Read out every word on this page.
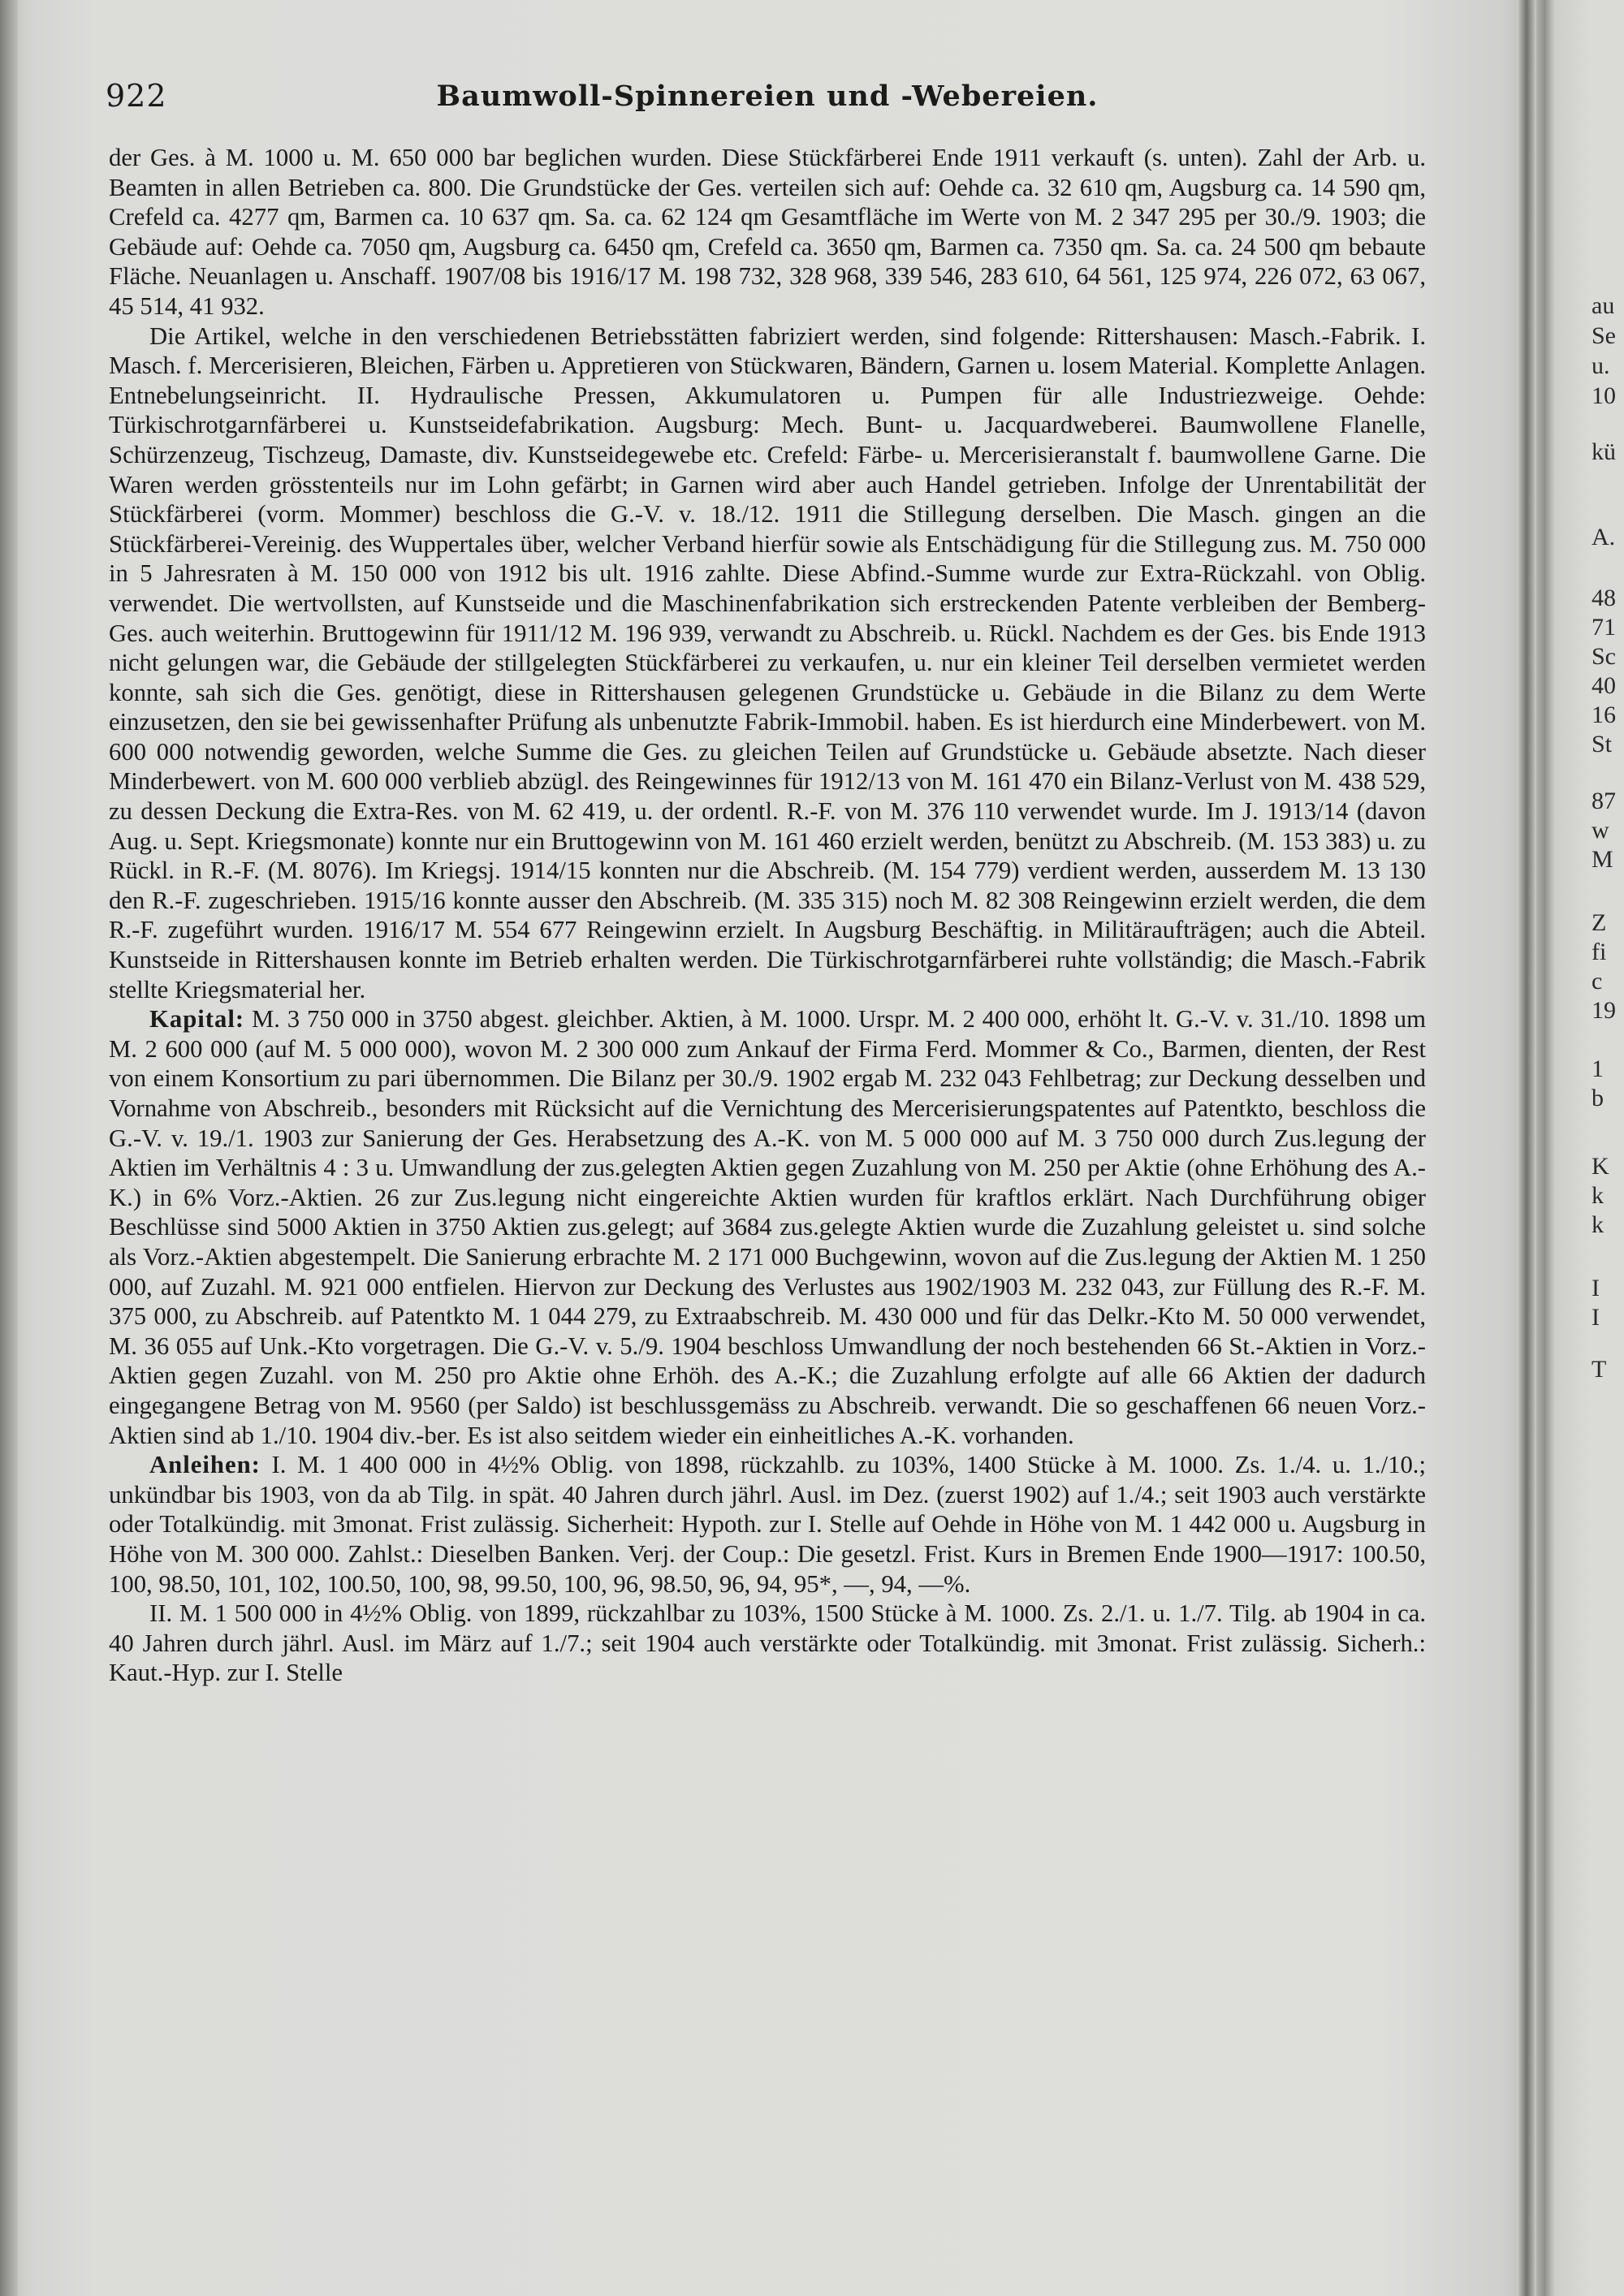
922	Baumwoll-Spinnereien und -Webereien.

der Ges. à M. 1000 u. M. 650 000 bar beglichen wurden. Diese Stückfärberei Ende 1911 verkauft (s. unten). Zahl der Arb. u. Beamten in allen Betrieben ca. 800. Die Grundstücke der Ges. verteilen sich auf: Oehde ca. 32 610 qm, Augsburg ca. 14 590 qm, Crefeld ca. 4277 qm, Barmen ca. 10 637 qm. Sa. ca. 62 124 qm Gesamtfläche im Werte von M. 2 347 295 per 30./9. 1903; die Gebäude auf: Oehde ca. 7050 qm, Augsburg ca. 6450 qm, Crefeld ca. 3650 qm, Barmen ca. 7350 qm. Sa. ca. 24 500 qm bebaute Fläche. Neuanlagen u. Anschaff. 1907/08 bis 1916/17 M. 198 732, 328 968, 339 546, 283 610, 64 561, 125 974, 226 072, 63 067, 45 514, 41 932.

Die Artikel, welche in den verschiedenen Betriebsstätten fabriziert werden, sind folgende: Rittershausen: Masch.-Fabrik. I. Masch. f. Mercerisieren, Bleichen, Färben u. Appretieren von Stückwaren, Bändern, Garnen u. losem Material. Komplette Anlagen. Entnebelungseinricht. II. Hydraulische Pressen, Akkumulatoren u. Pumpen für alle Industriezweige. Oehde: Türkischrotgarnfärberei u. Kunstseidefabrikation. Augsburg: Mech. Bunt- u. Jacquardweberei. Baumwollene Flanelle, Schürzenzeug, Tischzeug, Damaste, div. Kunstseidegewebe etc. Crefeld: Färbe- u. Mercerisieranstalt f. baumwollene Garne. Die Waren werden grösstenteils nur im Lohn gefärbt; in Garnen wird aber auch Handel getrieben. Infolge der Unrentabilität der Stückfärberei (vorm. Mommer) beschloss die G.-V. v. 18./12. 1911 die Stillegung derselben. Die Masch. gingen an die Stückfärberei-Vereinig. des Wuppertales über, welcher Verband hierfür sowie als Entschädigung für die Stillegung zus. M. 750 000 in 5 Jahresraten à M. 150 000 von 1912 bis ult. 1916 zahlte. Diese Abfind.-Summe wurde zur Extra-Rückzahl. von Oblig. verwendet. Die wertvollsten, auf Kunstseide und die Maschinenfabrikation sich erstreckenden Patente verbleiben der Bemberg-Ges. auch weiterhin. Bruttogewinn für 1911/12 M. 196 939, verwandt zu Abschreib. u. Rückl. Nachdem es der Ges. bis Ende 1913 nicht gelungen war, die Gebäude der stillgelegten Stückfärberei zu verkaufen, u. nur ein kleiner Teil derselben vermietet werden konnte, sah sich die Ges. genötigt, diese in Rittershausen gelegenen Grundstücke u. Gebäude in die Bilanz zu dem Werte einzusetzen, den sie bei gewissenhafter Prüfung als unbenutzte Fabrik-Immobil. haben. Es ist hierdurch eine Minderbewert. von M. 600 000 notwendig geworden, welche Summe die Ges. zu gleichen Teilen auf Grundstücke u. Gebäude absetzte. Nach dieser Minderbewert. von M. 600 000 verblieb abzügl. des Reingewinnes für 1912/13 von M. 161 470 ein Bilanz-Verlust von M. 438 529, zu dessen Deckung die Extra-Res. von M. 62 419, u. der ordentl. R.-F. von M. 376 110 verwendet wurde. Im J. 1913/14 (davon Aug. u. Sept. Kriegsmonate) konnte nur ein Bruttogewinn von M. 161 460 erzielt werden, benützt zu Abschreib. (M. 153 383) u. zu Rückl. in R.-F. (M. 8076). Im Kriegsj. 1914/15 konnten nur die Abschreib. (M. 154 779) verdient werden, ausserdem M. 13 130 den R.-F. zugeschrieben. 1915/16 konnte ausser den Abschreib. (M. 335 315) noch M. 82 308 Reingewinn erzielt werden, die dem R.-F. zugeführt wurden. 1916/17 M. 554 677 Reingewinn erzielt. In Augsburg Beschäftig. in Militäraufträgen; auch die Abteil. Kunstseide in Rittershausen konnte im Betrieb erhalten werden. Die Türkischrotgarnfärberei ruhte vollständig; die Masch.-Fabrik stellte Kriegsmaterial her.

Kapital: M. 3 750 000 in 3750 abgest. gleichber. Aktien, à M. 1000. Urspr. M. 2 400 000, erhöht lt. G.-V. v. 31./10. 1898 um M. 2 600 000 (auf M. 5 000 000), wovon M. 2 300 000 zum Ankauf der Firma Ferd. Mommer & Co., Barmen, dienten, der Rest von einem Konsortium zu pari übernommen. Die Bilanz per 30./9. 1902 ergab M. 232 043 Fehlbetrag; zur Deckung desselben und Vornahme von Abschreib., besonders mit Rücksicht auf die Vernichtung des Mercerisierungspatentes auf Patentkto, beschloss die G.-V. v. 19./1. 1903 zur Sanierung der Ges. Herabsetzung des A.-K. von M. 5 000 000 auf M. 3 750 000 durch Zus.legung der Aktien im Verhältnis 4 : 3 u. Umwandlung der zus.gelegten Aktien gegen Zuzahlung von M. 250 per Aktie (ohne Erhöhung des A.-K.) in 6% Vorz.-Aktien. 26 zur Zus.legung nicht eingereichte Aktien wurden für kraftlos erklärt. Nach Durchführung obiger Beschlüsse sind 5000 Aktien in 3750 Aktien zus.gelegt; auf 3684 zus.gelegte Aktien wurde die Zuzahlung geleistet u. sind solche als Vorz.-Aktien abgestempelt. Die Sanierung erbrachte M. 2 171 000 Buchgewinn, wovon auf die Zus.legung der Aktien M. 1 250 000, auf Zuzahl. M. 921 000 entfielen. Hiervon zur Deckung des Verlustes aus 1902/1903 M. 232 043, zur Füllung des R.-F. M. 375 000, zu Abschreib. auf Patentkto M. 1 044 279, zu Extraabschreib. M. 430 000 und für das Delkr.-Kto M. 50 000 verwendet, M. 36 055 auf Unk.-Kto vorgetragen. Die G.-V. v. 5./9. 1904 beschloss Umwandlung der noch bestehenden 66 St.-Aktien in Vorz.-Aktien gegen Zuzahl. von M. 250 pro Aktie ohne Erhöh. des A.-K.; die Zuzahlung erfolgte auf alle 66 Aktien der dadurch eingegangene Betrag von M. 9560 (per Saldo) ist beschlussgemäss zu Abschreib. verwandt. Die so geschaffenen 66 neuen Vorz.-Aktien sind ab 1./10. 1904 div.-ber. Es ist also seitdem wieder ein einheitliches A.-K. vorhanden.

Anleihen: I. M. 1 400 000 in 4½% Oblig. von 1898, rückzahlb. zu 103%, 1400 Stücke à M. 1000. Zs. 1./4. u. 1./10.; unkündbar bis 1903, von da ab Tilg. in spät. 40 Jahren durch jährl. Ausl. im Dez. (zuerst 1902) auf 1./4.; seit 1903 auch verstärkte oder Totalkündig. mit 3monat. Frist zulässig. Sicherheit: Hypoth. zur I. Stelle auf Oehde in Höhe von M. 1 442 000 u. Augsburg in Höhe von M. 300 000. Zahlst.: Dieselben Banken. Verj. der Coup.: Die gesetzl. Frist. Kurs in Bremen Ende 1900—1917: 100.50, 100, 98.50, 101, 102, 100.50, 100, 98, 99.50, 100, 96, 98.50, 96, 94, 95*, —, 94, —%.

II. M. 1 500 000 in 4½% Oblig. von 1899, rückzahlbar zu 103%, 1500 Stücke à M. 1000. Zs. 2./1. u. 1./7. Tilg. ab 1904 in ca. 40 Jahren durch jährl. Ausl. im März auf 1./7.; seit 1904 auch verstärkte oder Totalkündig. mit 3monat. Frist zulässig. Sicherh.: Kaut.-Hyp. zur I. Stelle

au
Se
u.
10
kü
A.
48
71
Sc
40
16
St
87
w
M
Z
fi
c
19
1
b
K
k
k
I
I
T
